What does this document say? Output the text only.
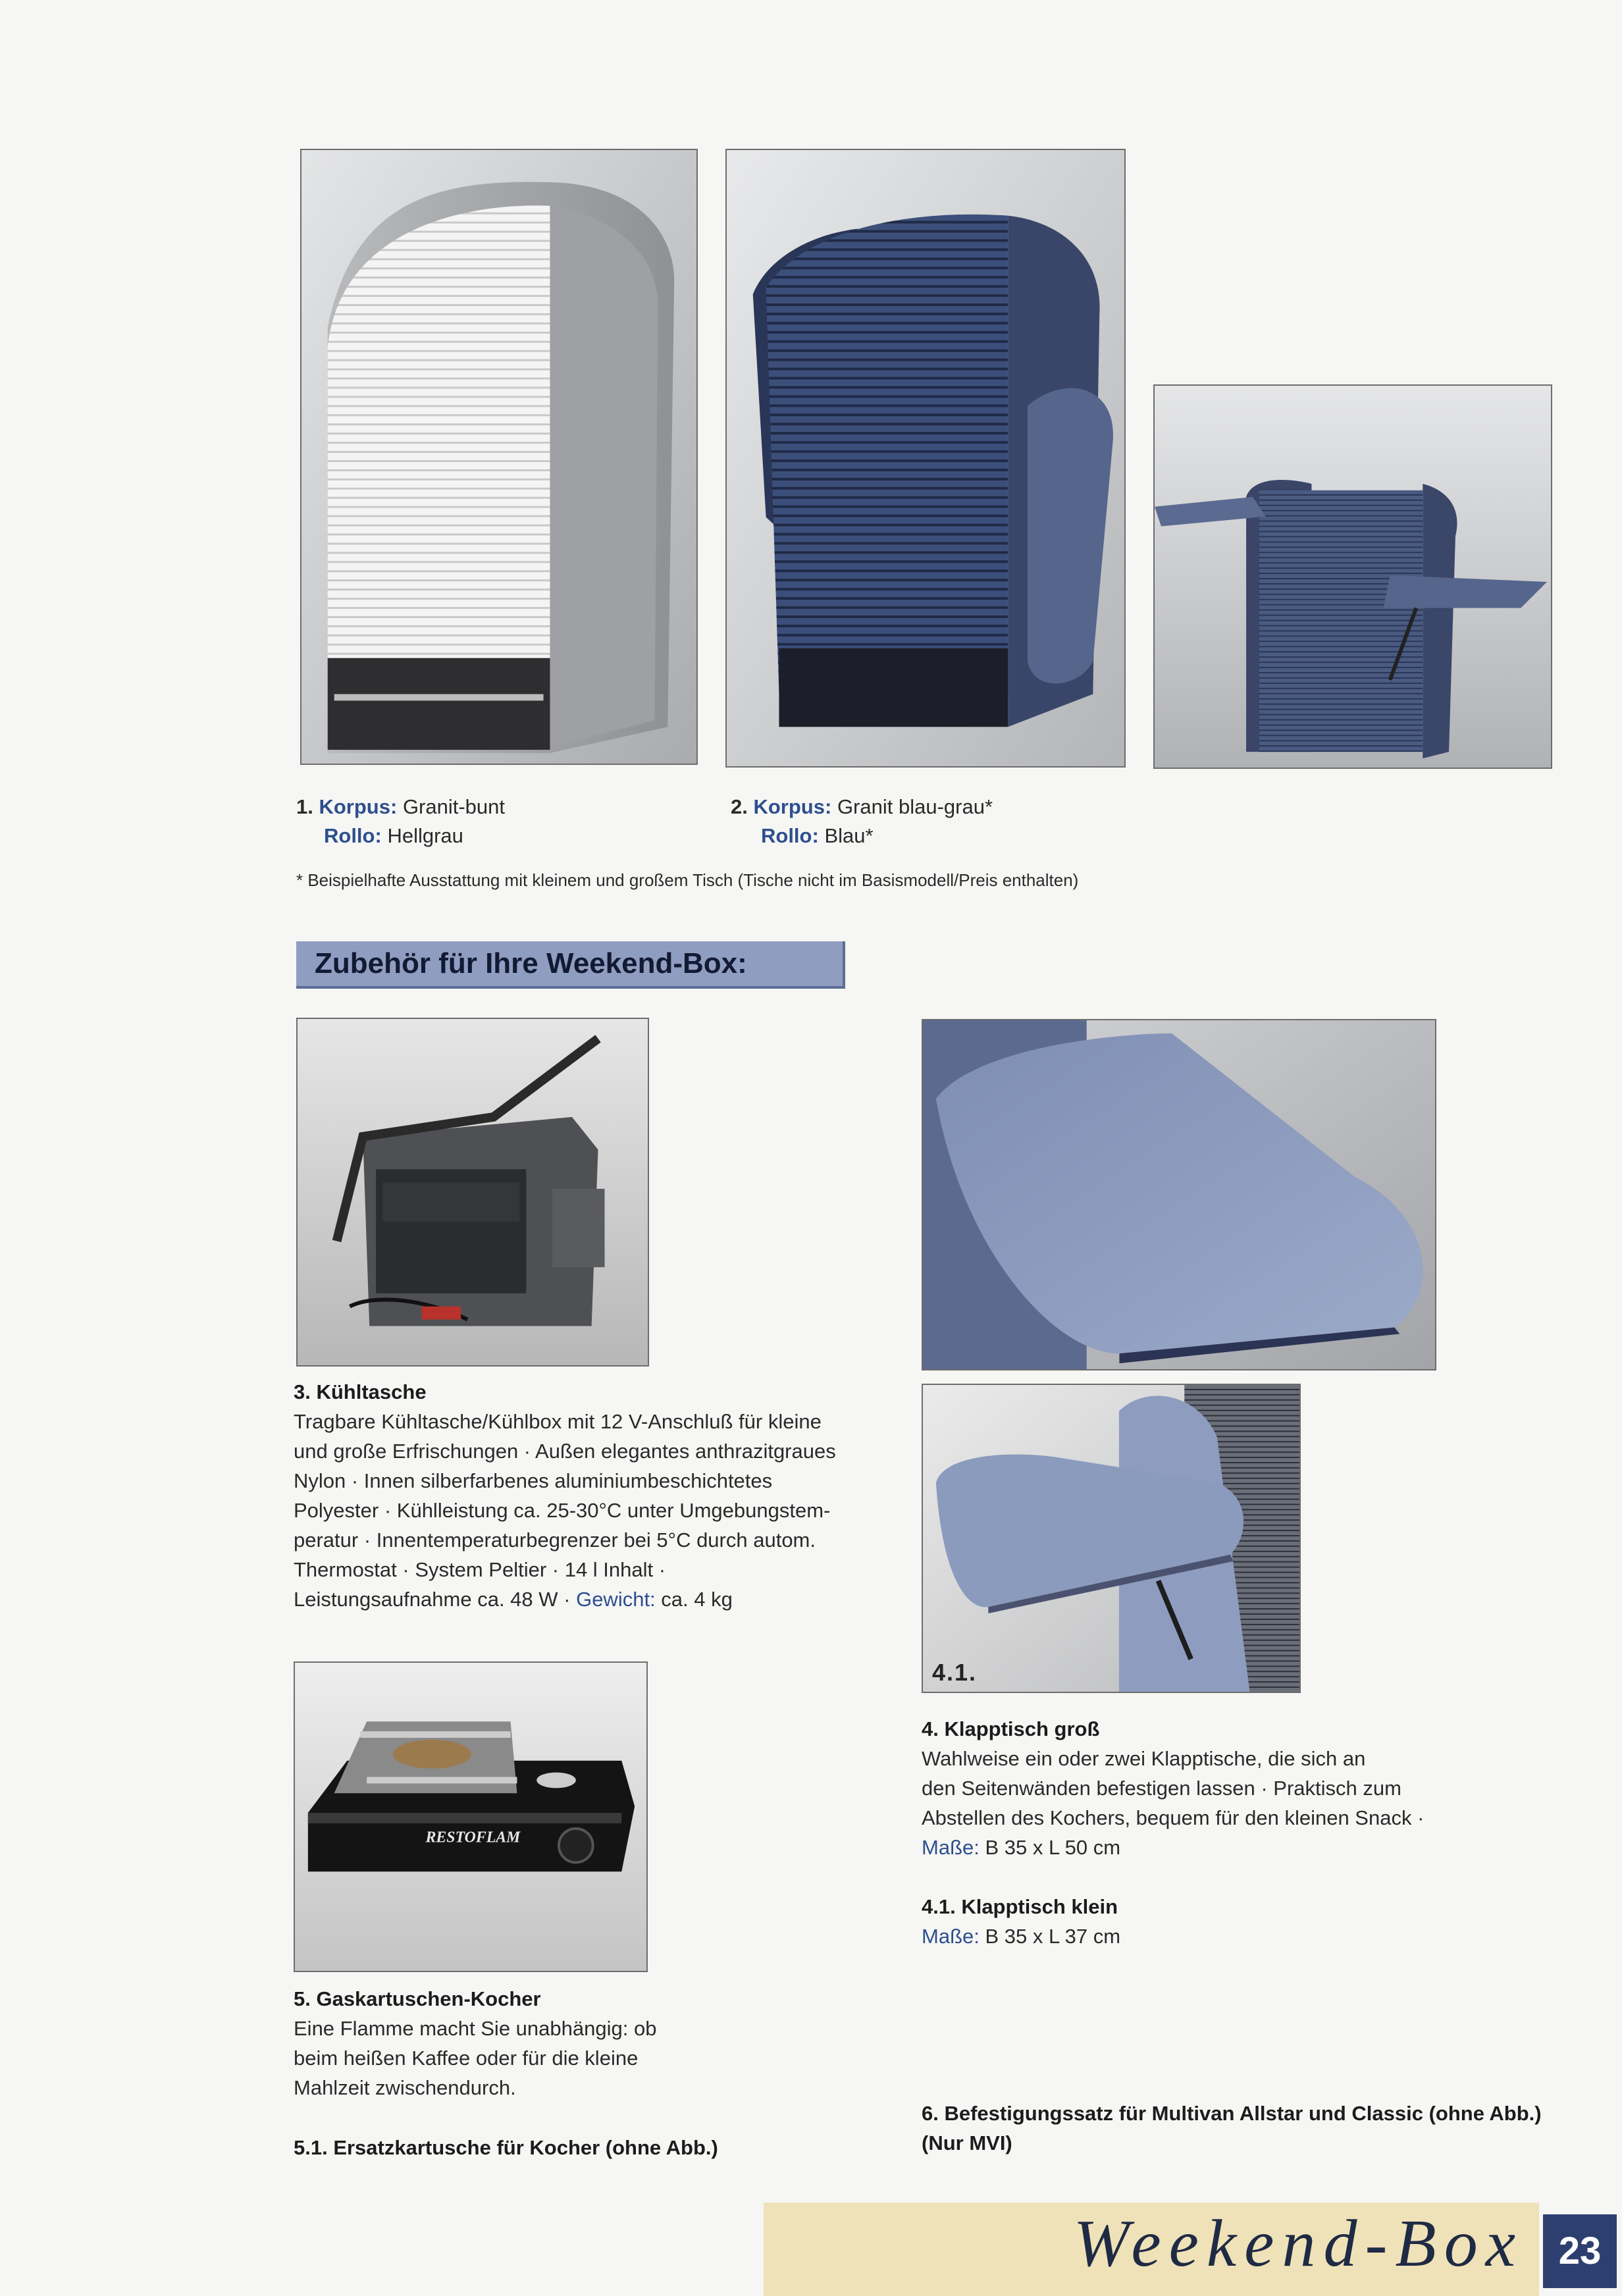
1. Korpus: Granit-bunt
Rollo: Hellgrau
2. Korpus: Granit blau-grau*
Rollo: Blau*
* Beispielhafte Ausstattung mit kleinem und großem Tisch (Tische nicht im Basismodell/Preis enthalten)
Zubehör für Ihre Weekend-Box:
4.1.
3. Kühltasche
Tragbare Kühltasche/Kühlbox mit 12 V-Anschluß für kleine
und große Erfrischungen · Außen elegantes anthrazitgraues
Nylon · Innen silberfarbenes aluminiumbeschichtetes
Polyester · Kühlleistung ca. 25-30°C unter Umgebungstem-
peratur · Innentemperaturbegrenzer bei 5°C durch autom.
Thermostat · System Peltier · 14 l Inhalt ·
Leistungsaufnahme ca. 48 W · Gewicht: ca. 4 kg
4. Klapptisch groß
Wahlweise ein oder zwei Klapptische, die sich an
den Seitenwänden befestigen lassen · Praktisch zum
Abstellen des Kochers, bequem für den kleinen Snack ·
Maße: B 35 x L 50 cm
4.1. Klapptisch klein
Maße: B 35 x L 37 cm
RESTOFLAM
5. Gaskartuschen-Kocher
Eine Flamme macht Sie unabhängig: ob
beim heißen Kaffee oder für die kleine
Mahlzeit zwischendurch.
5.1. Ersatzkartusche für Kocher (ohne Abb.)
6. Befestigungssatz für Multivan Allstar und Classic (ohne Abb.)
(Nur MVI)
Weekend-Box 23
